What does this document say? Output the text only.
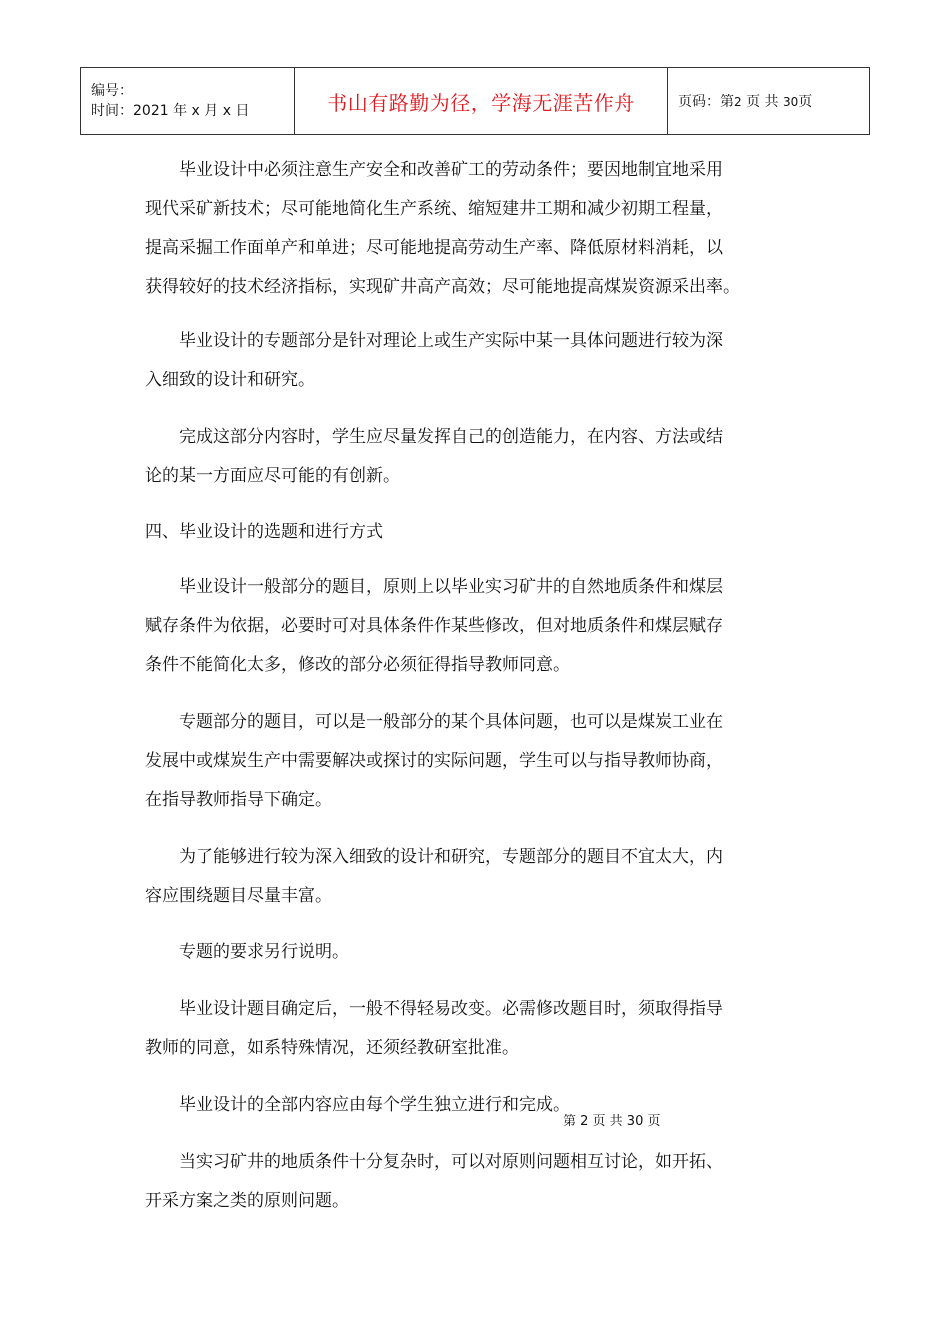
编号：
时间：2021 年 x 月 x 日	书山有路勤为径，学海无涯苦作舟	页码：第2 页 共 30页
毕业设计中必须注意生产安全和改善矿工的劳动条件；要因地制宜地采用
现代采矿新技术；尽可能地简化生产系统、缩短建井工期和减少初期工程量，
提高采掘工作面单产和单进；尽可能地提高劳动生产率、降低原材料消耗，以
获得较好的技术经济指标，实现矿井高产高效；尽可能地提高煤炭资源采出率。
毕业设计的专题部分是针对理论上或生产实际中某一具体问题进行较为深
入细致的设计和研究。
完成这部分内容时，学生应尽量发挥自己的创造能力，在内容、方法或结
论的某一方面应尽可能的有创新。
四、毕业设计的选题和进行方式
毕业设计一般部分的题目，原则上以毕业实习矿井的自然地质条件和煤层
赋存条件为依据，必要时可对具体条件作某些修改，但对地质条件和煤层赋存
条件不能简化太多，修改的部分必须征得指导教师同意。
专题部分的题目，可以是一般部分的某个具体问题，也可以是煤炭工业在
发展中或煤炭生产中需要解决或探讨的实际问题，学生可以与指导教师协商，
在指导教师指导下确定。
为了能够进行较为深入细致的设计和研究，专题部分的题目不宜太大，内
容应围绕题目尽量丰富。
专题的要求另行说明。
毕业设计题目确定后，一般不得轻易改变。必需修改题目时，须取得指导
教师的同意，如系特殊情况，还须经教研室批准。
毕业设计的全部内容应由每个学生独立进行和完成。
当实习矿井的地质条件十分复杂时，可以对原则问题相互讨论，如开拓、
开采方案之类的原则问题。
第 2 页 共 30 页
